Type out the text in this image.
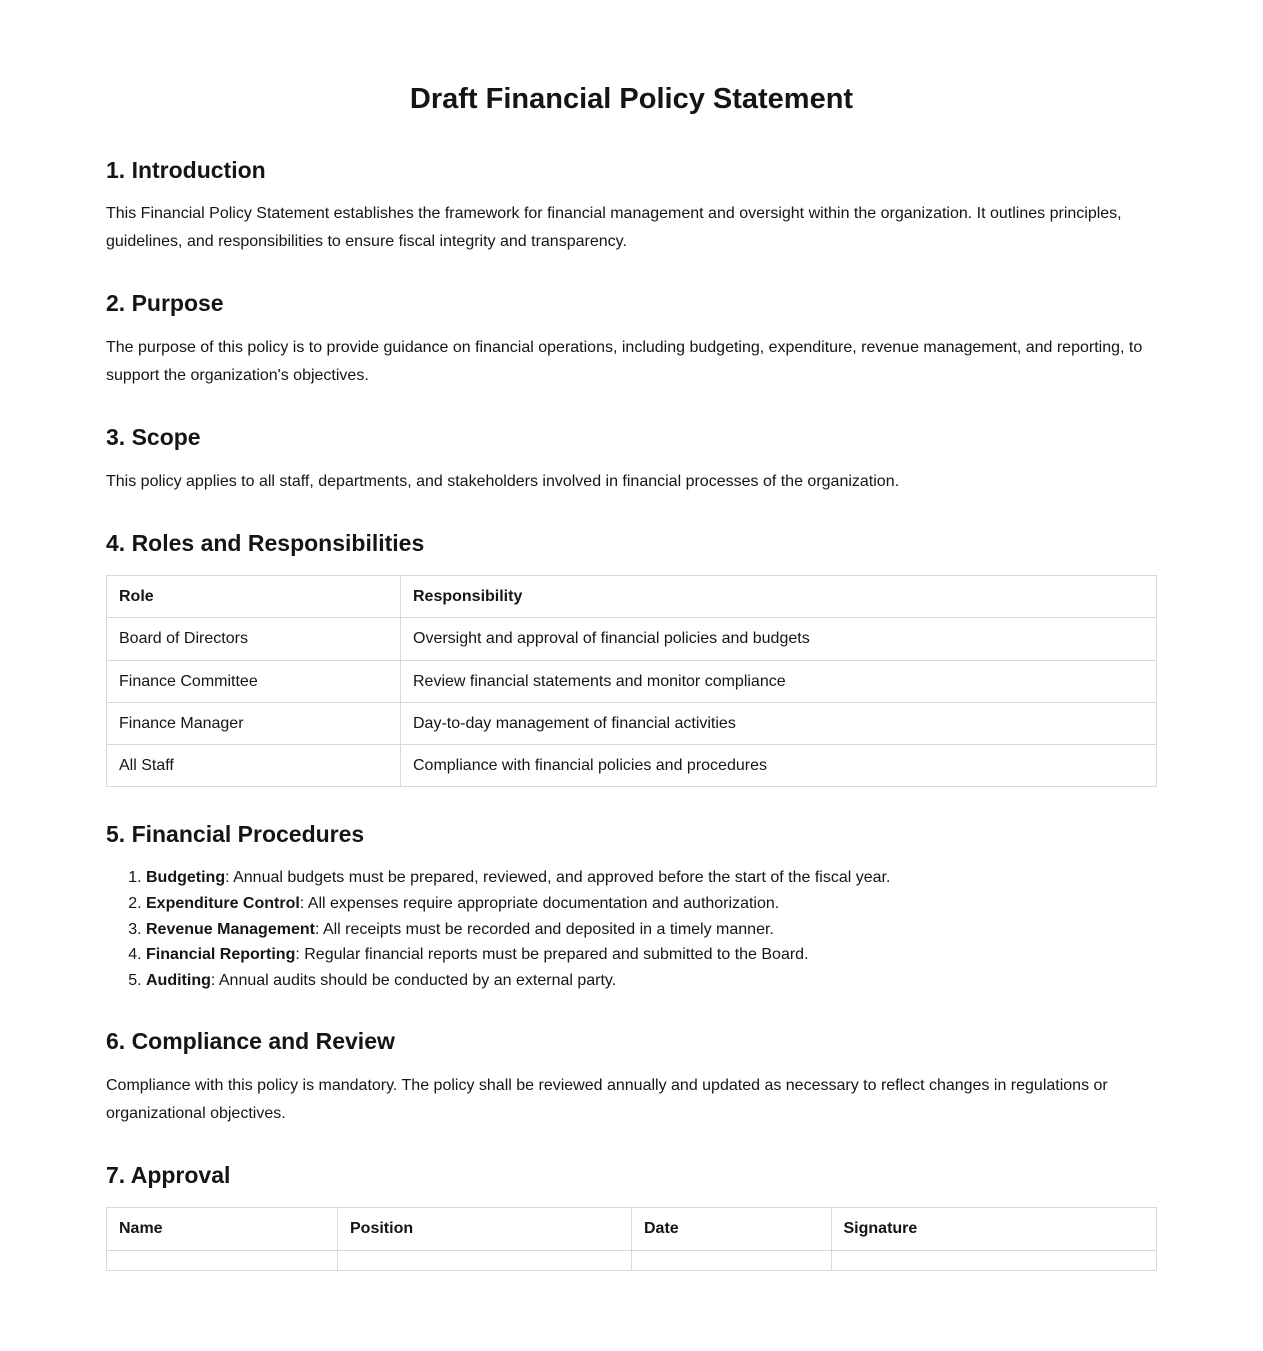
Draft Financial Policy Statement
1. Introduction

This Financial Policy Statement establishes the framework for financial management and oversight within the organization. It outlines principles, guidelines, and responsibilities to ensure fiscal integrity and transparency.

2. Purpose

The purpose of this policy is to provide guidance on financial operations, including budgeting, expenditure, revenue management, and reporting, to support the organization's objectives.

3. Scope

This policy applies to all staff, departments, and stakeholders involved in financial processes of the organization.

4. Roles and Responsibilities
Role	Responsibility
Board of Directors	Oversight and approval of financial policies and budgets
Finance Committee	Review financial statements and monitor compliance
Finance Manager	Day-to-day management of financial activities
All Staff	Compliance with financial policies and procedures
5. Financial Procedures
1. Budgeting: Annual budgets must be prepared, reviewed, and approved before the start of the fiscal year.
2. Expenditure Control: All expenses require appropriate documentation and authorization.
3. Revenue Management: All receipts must be recorded and deposited in a timely manner.
4. Financial Reporting: Regular financial reports must be prepared and submitted to the Board.
5. Auditing: Annual audits should be conducted by an external party.
6. Compliance and Review

Compliance with this policy is mandatory. The policy shall be reviewed annually and updated as necessary to reflect changes in regulations or organizational objectives.

7. Approval
Name	Position	Date	Signature
